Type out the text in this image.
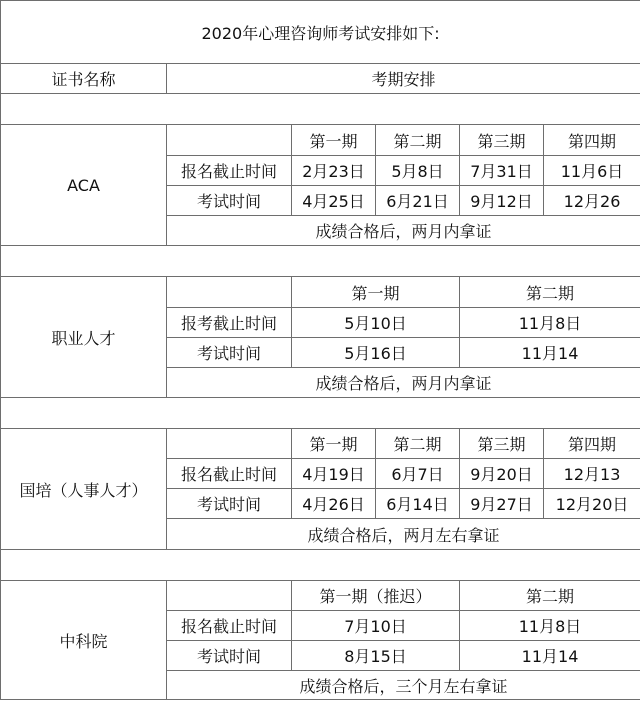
2020年心理咨询师考试安排如下:					
证书名称	考期安排				

ACA		第一期	第二期	第三期	第四期
	报名截止时间	2月23日	5月8日	7月31日	11月6日
	考试时间	4月25日	6月21日	9月12日	12月26
	成绩合格后，两月内拿证				

职业人才		第一期		第二期	
	报考截止时间	5月10日		11月8日	
	考试时间	5月16日		11月14	
	成绩合格后，两月内拿证				

国培（人事人才）		第一期	第二期	第三期	第四期
	报名截止时间	4月19日	6月7日	9月20日	12月13
	考试时间	4月26日	6月14日	9月27日	12月20日
	成绩合格后，两月左右拿证				

中科院		第一期（推迟）		第二期	
	报名截止时间	7月10日		11月8日	
	考试时间	8月15日		11月14	
	成绩合格后，三个月左右拿证				
